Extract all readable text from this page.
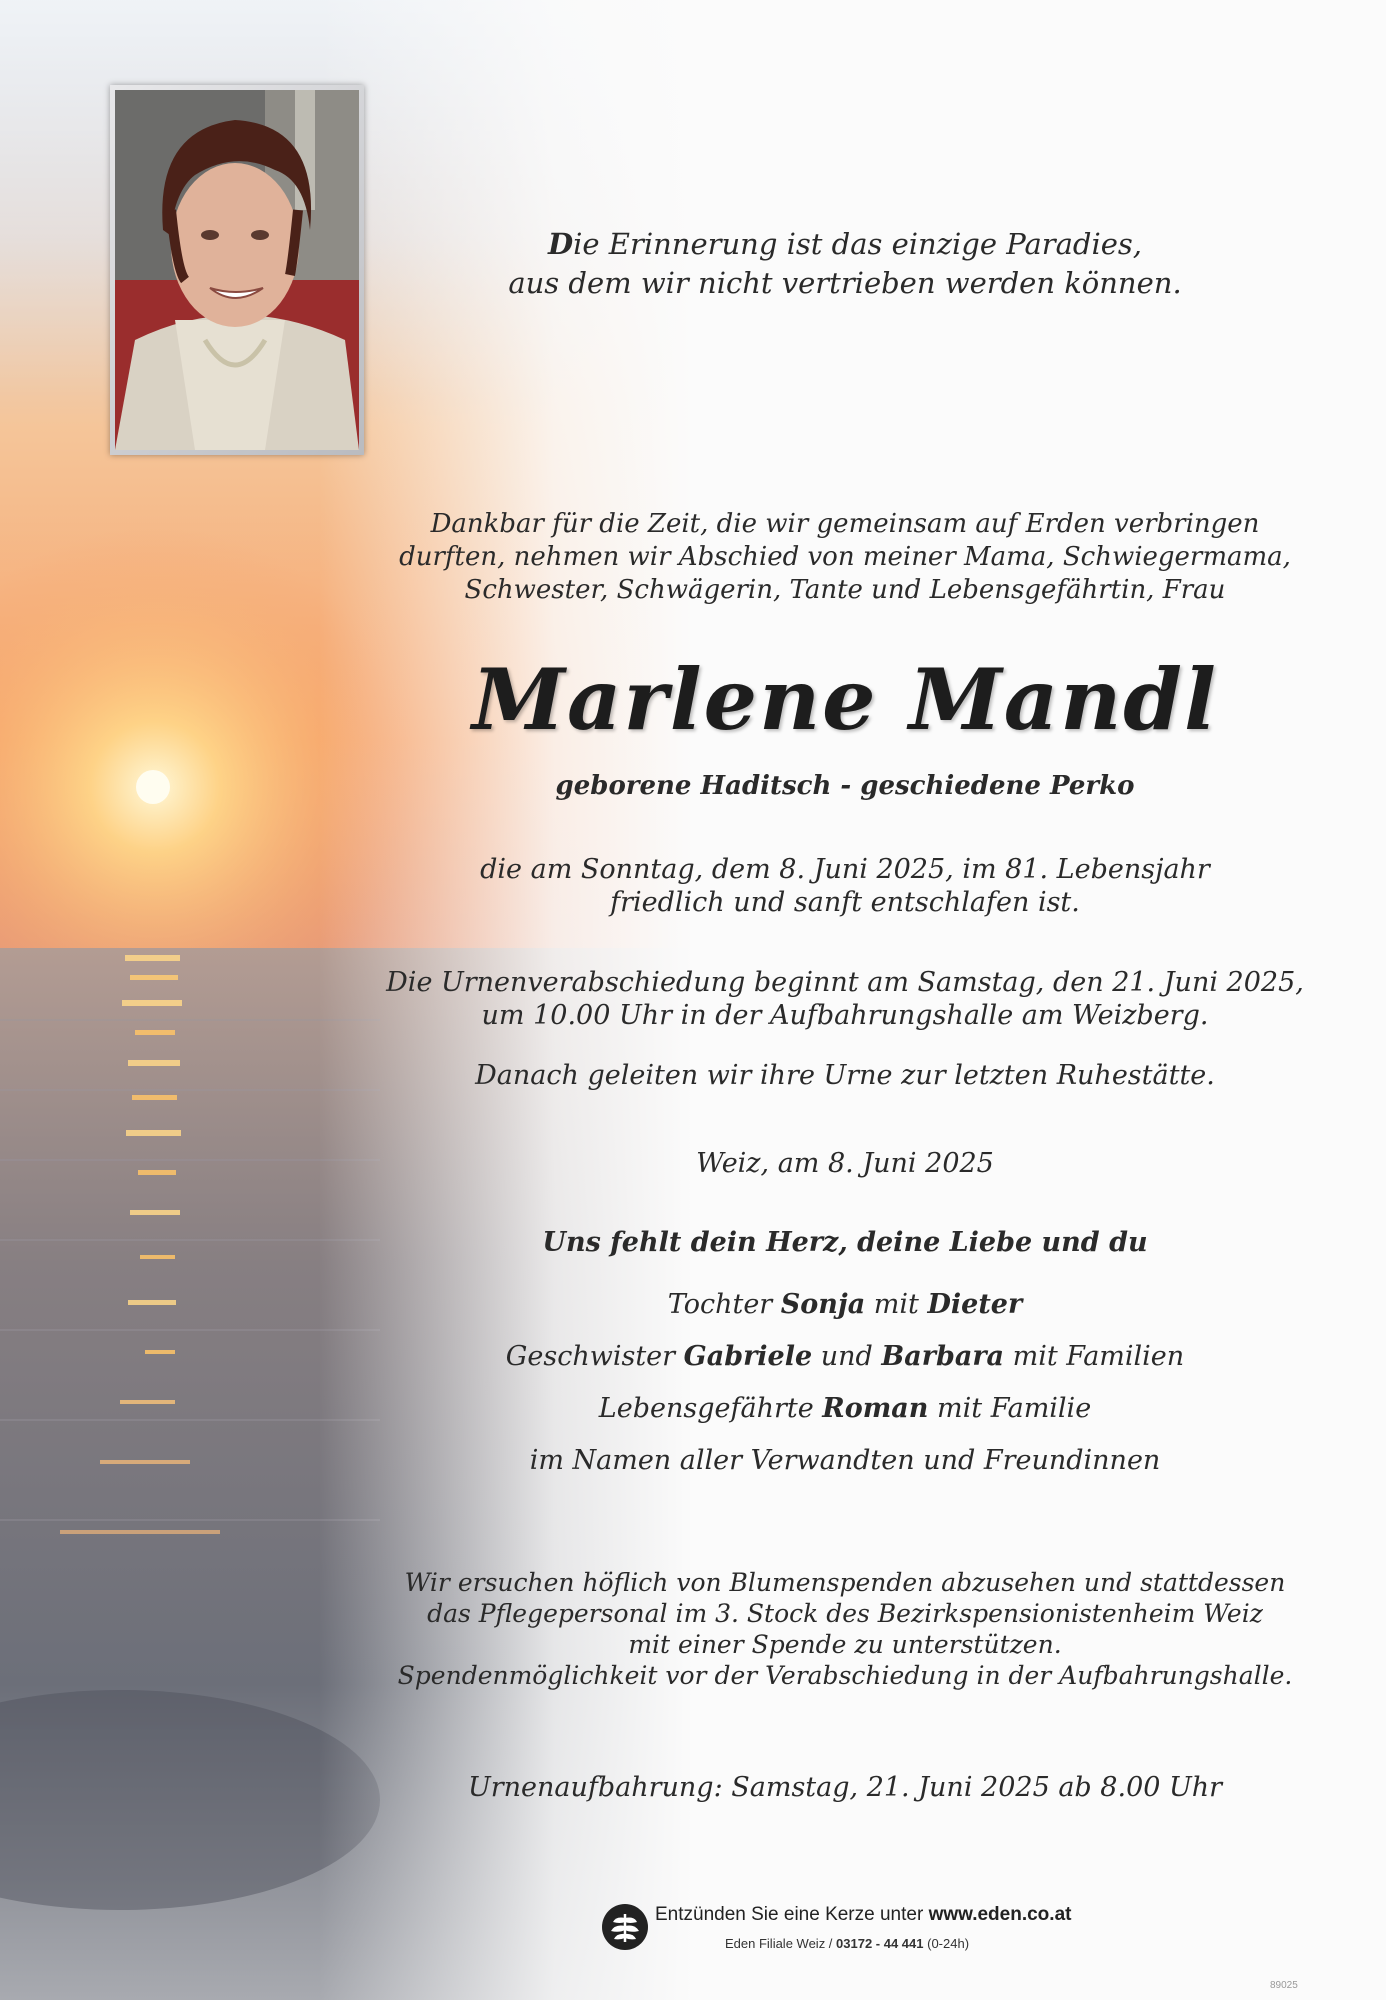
Die Erinnerung ist das einzige Paradies,
aus dem wir nicht vertrieben werden können.
Dankbar für die Zeit, die wir gemeinsam auf Erden verbringen
durften, nehmen wir Abschied von meiner Mama, Schwiegermama,
Schwester, Schwägerin, Tante und Lebensgefährtin, Frau
Marlene Mandl
geborene Haditsch - geschiedene Perko
die am Sonntag, dem 8. Juni 2025, im 81. Lebensjahr
friedlich und sanft entschlafen ist.
Die Urnenverabschiedung beginnt am Samstag, den 21. Juni 2025,
um 10.00 Uhr in der Aufbahrungshalle am Weizberg.
Danach geleiten wir ihre Urne zur letzten Ruhestätte.
Weiz, am 8. Juni 2025
Uns fehlt dein Herz, deine Liebe und du
Tochter Sonja mit Dieter
Geschwister Gabriele und Barbara mit Familien
Lebensgefährte Roman mit Familie
im Namen aller Verwandten und Freundinnen
Wir ersuchen höflich von Blumenspenden abzusehen und stattdessen
das Pflegepersonal im 3. Stock des Bezirkspensionistenheim Weiz
mit einer Spende zu unterstützen.
Spendenmöglichkeit vor der Verabschiedung in der Aufbahrungshalle.
Urnenaufbahrung: Samstag, 21. Juni 2025 ab 8.00 Uhr
Entzünden Sie eine Kerze unter www.eden.co.at
Eden Filiale Weiz / 03172 - 44 441 (0-24h)
89025
